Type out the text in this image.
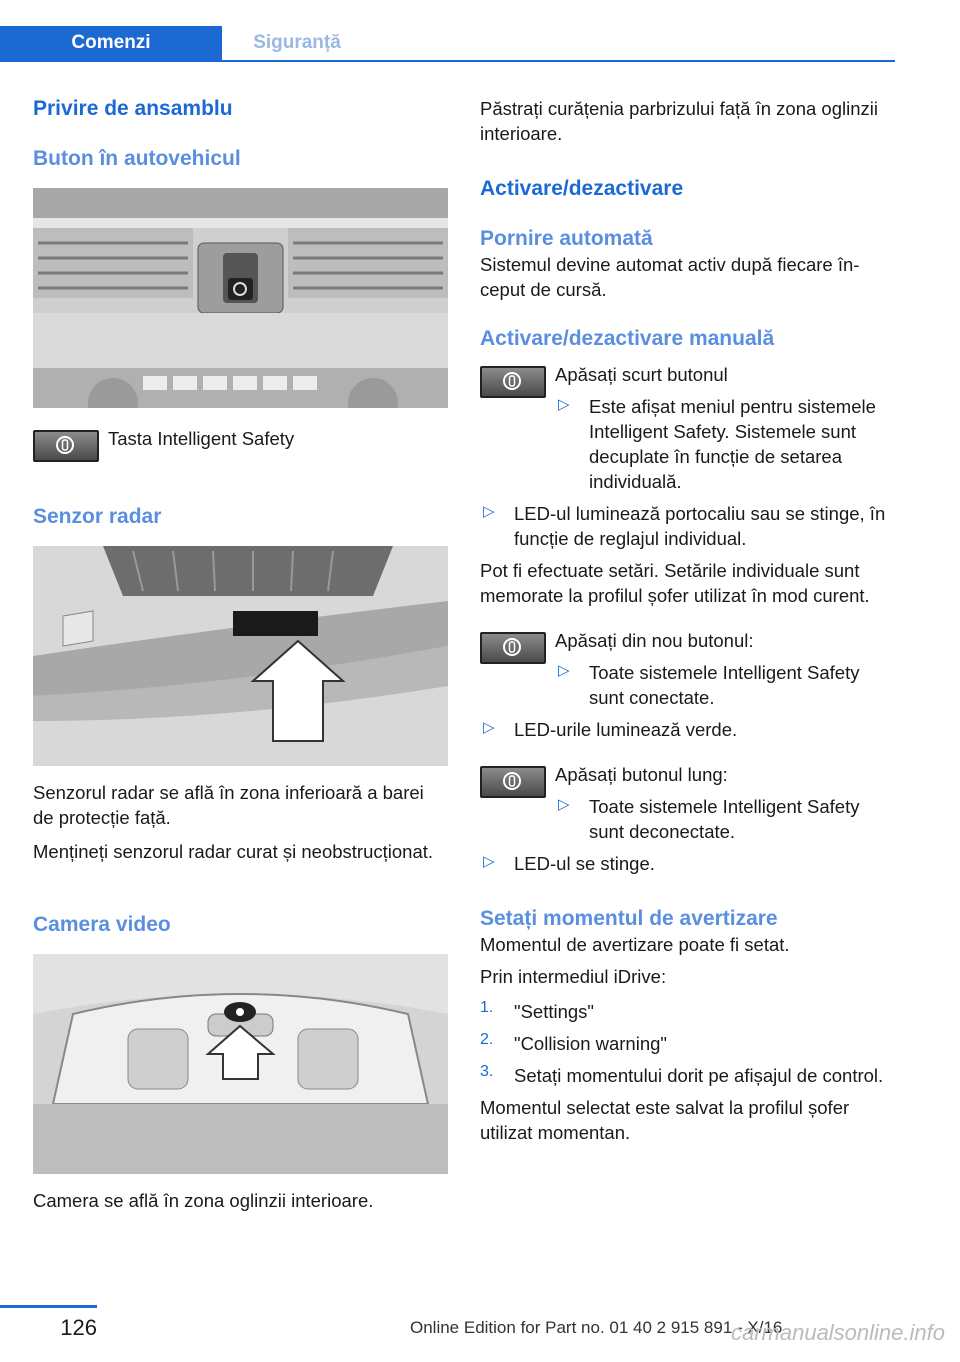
Comenzi	Siguranță
Privire de ansamblu
Buton în autovehicul

Tasta Intelligent Safety

Senzor radar

Senzorul radar se află în zona inferioară a barei de protecție față.

Mențineți senzorul radar curat și neobstrucționat.

Camera video

Camera se află în zona oglinzii interioare.

Păstrați curățenia parbrizului față în zona oglinzii interioare.

Activare/dezactivare
Pornire automată

Sistemul devine automat activ după fiecare început de cursă.

Activare/dezactivare manuală

Apăsați scurt butonul

▷ Este afișat meniul pentru sistemele Intelligent Safety. Sistemele sunt decuplate în funcție de setarea individuală.

▷ LED-ul luminează portocaliu sau se stinge, în funcție de reglajul individual.

Pot fi efectuate setări. Setările individuale sunt memorate la profilul șofer utilizat în mod curent.

Apăsați din nou butonul:

▷ Toate sistemele Intelligent Safety sunt conectate.

▷ LED-urile luminează verde.

Apăsați butonul lung:

▷ Toate sistemele Intelligent Safety sunt deconectate.

▷ LED-ul se stinge.

Setați momentul de avertizare

Momentul de avertizare poate fi setat.

Prin intermediul iDrive:

1. "Settings"

2. "Collision warning"

3. Setați momentului dorit pe afișajul de control.

Momentul selectat este salvat la profilul șofer utilizat momentan.

126	Online Edition for Part no. 01 40 2 915 891 - X/16
carmanualsonline.info
